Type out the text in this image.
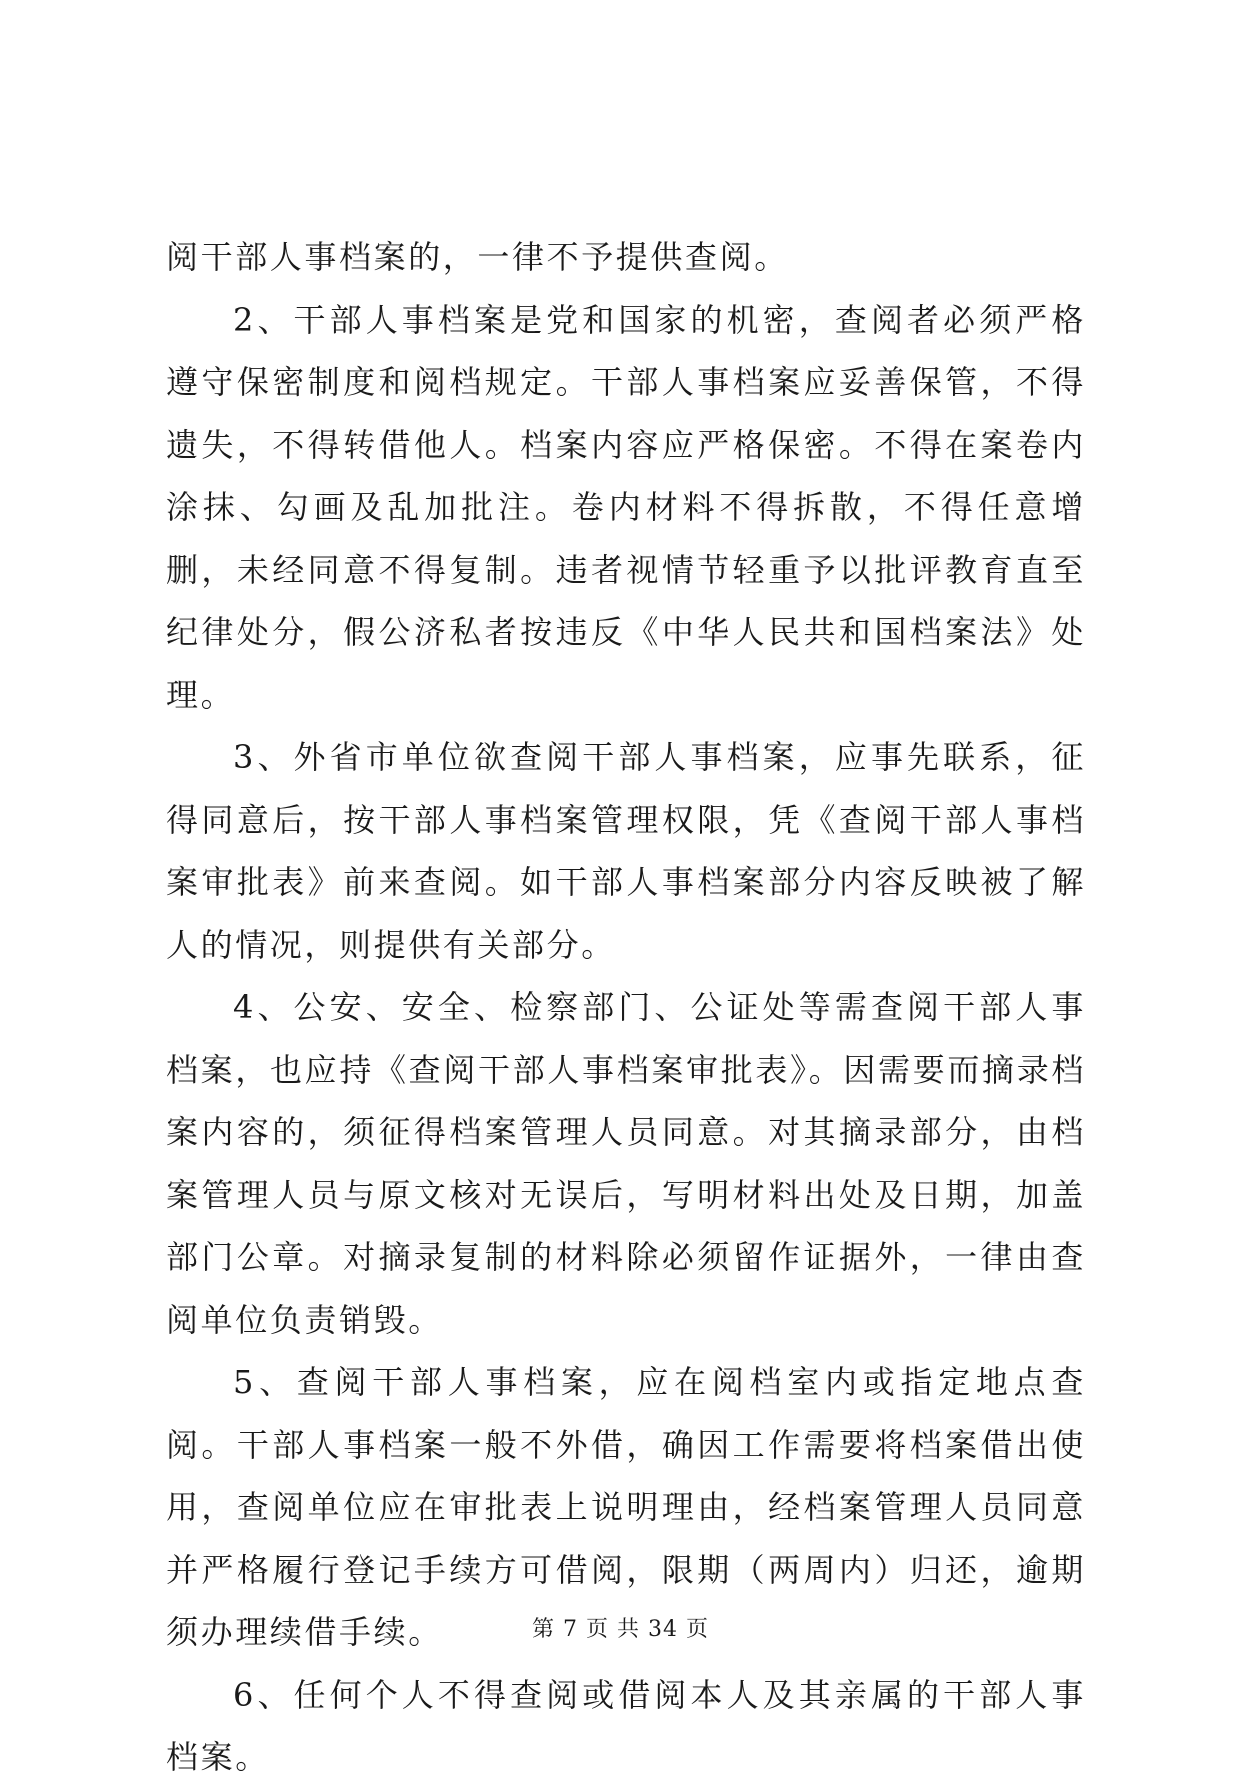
阅干部人事档案的，一律不予提供查阅。

2、干部人事档案是党和国家的机密，查阅者必须严格遵守保密制度和阅档规定。干部人事档案应妥善保管，不得遗失，不得转借他人。档案内容应严格保密。不得在案卷内涂抹、勾画及乱加批注。卷内材料不得拆散，不得任意增删，未经同意不得复制。违者视情节轻重予以批评教育直至纪律处分，假公济私者按违反《中华人民共和国档案法》处理。

3、外省市单位欲查阅干部人事档案，应事先联系，征得同意后，按干部人事档案管理权限，凭《查阅干部人事档案审批表》前来查阅。如干部人事档案部分内容反映被了解人的情况，则提供有关部分。

4、公安、安全、检察部门、公证处等需查阅干部人事档案，也应持《查阅干部人事档案审批表》。因需要而摘录档案内容的，须征得档案管理人员同意。对其摘录部分，由档案管理人员与原文核对无误后，写明材料出处及日期，加盖部门公章。对摘录复制的材料除必须留作证据外，一律由查阅单位负责销毁。

5、查阅干部人事档案，应在阅档室内或指定地点查阅。干部人事档案一般不外借，确因工作需要将档案借出使用，查阅单位应在审批表上说明理由，经档案管理人员同意并严格履行登记手续方可借阅，限期（两周内）归还，逾期须办理续借手续。

6、任何个人不得查阅或借阅本人及其亲属的干部人事档案。

第 7 页 共 34 页
